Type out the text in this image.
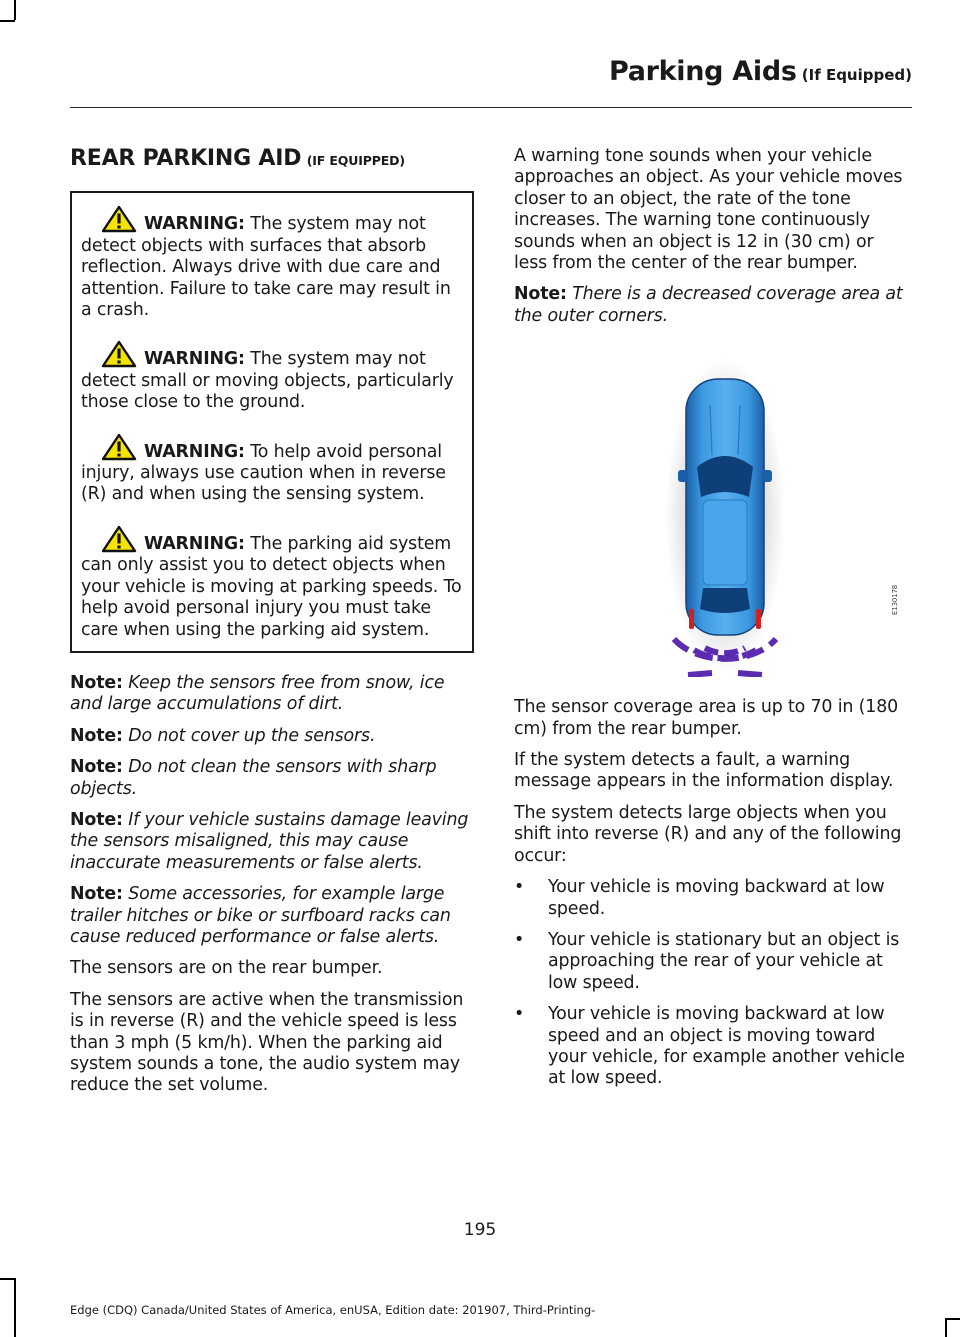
Parking Aids (If Equipped)
REAR PARKING AID (IF EQUIPPED)
WARNING: The system may not detect objects with surfaces that absorb reflection. Always drive with due care and attention. Failure to take care may result in a crash.
WARNING: The system may not detect small or moving objects, particularly those close to the ground.
WARNING: To help avoid personal injury, always use caution when in reverse (R) and when using the sensing system.
WARNING: The parking aid system can only assist you to detect objects when your vehicle is moving at parking speeds. To help avoid personal injury you must take care when using the parking aid system.

Note: Keep the sensors free from snow, ice and large accumulations of dirt.

Note: Do not cover up the sensors.

Note: Do not clean the sensors with sharp objects.

Note: If your vehicle sustains damage leaving the sensors misaligned, this may cause inaccurate measurements or false alerts.

Note: Some accessories, for example large trailer hitches or bike or surfboard racks can cause reduced performance or false alerts.

The sensors are on the rear bumper.

The sensors are active when the transmission is in reverse (R) and the vehicle speed is less than 3 mph (5 km/h). When the parking aid system sounds a tone, the audio system may reduce the set volume.

A warning tone sounds when your vehicle approaches an object. As your vehicle moves closer to an object, the rate of the tone increases. The warning tone continuously sounds when an object is 12 in (30 cm) or less from the center of the rear bumper.

Note: There is a decreased coverage area at the outer corners.

E130178

The sensor coverage area is up to 70 in (180 cm) from the rear bumper.

If the system detects a fault, a warning message appears in the information display.

The system detects large objects when you shift into reverse (R) and any of the following occur:

• Your vehicle is moving backward at low speed.
• Your vehicle is stationary but an object is approaching the rear of your vehicle at low speed.
• Your vehicle is moving backward at low speed and an object is moving toward your vehicle, for example another vehicle at low speed.
195
Edge (CDQ) Canada/United States of America, enUSA, Edition date: 201907, Third-Printing-
